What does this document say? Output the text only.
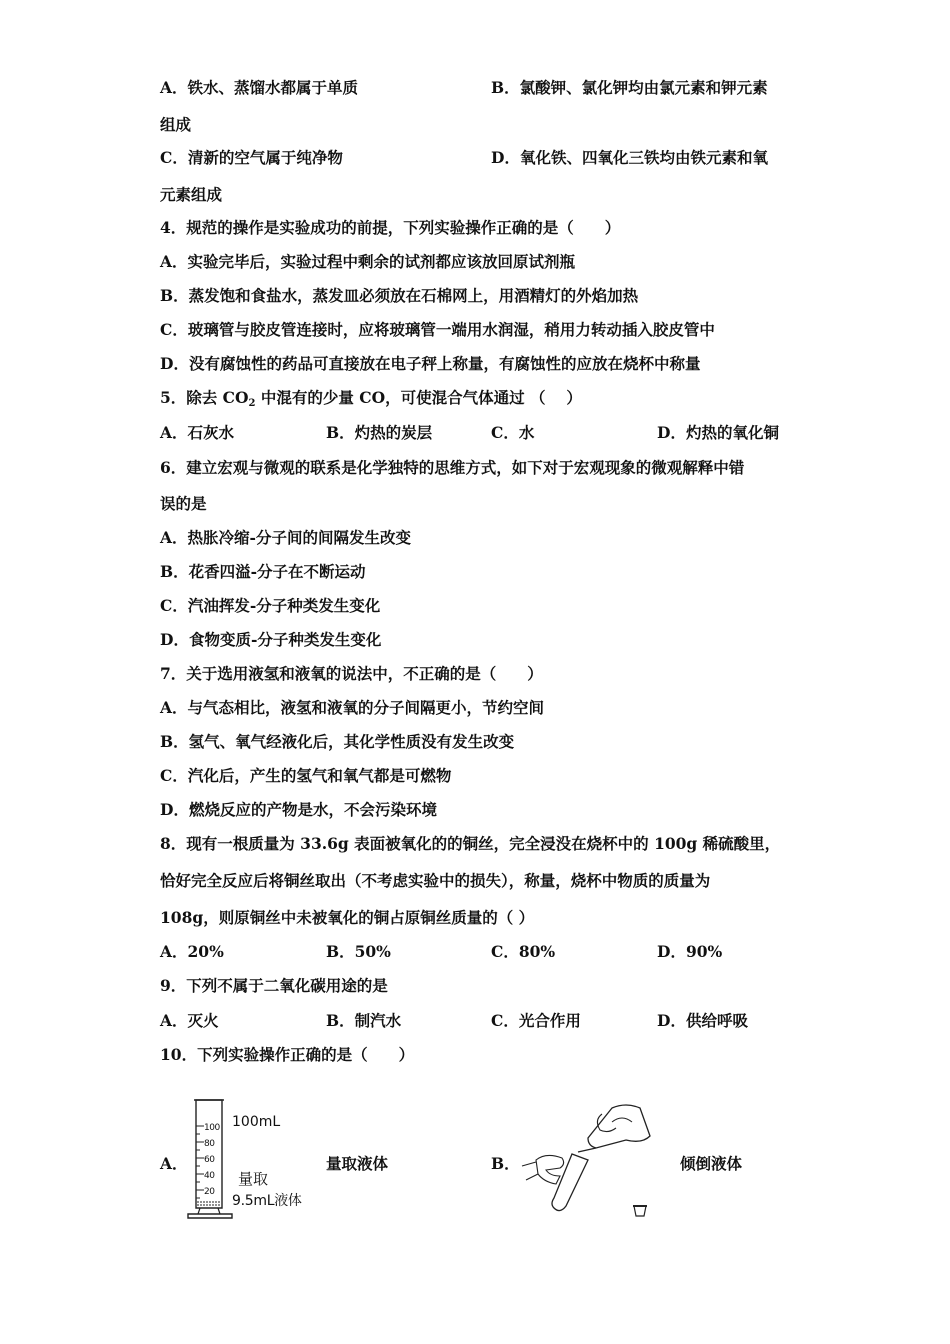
A．铁水、蒸馏水都属于单质	B．氯酸钾、氯化钾均由氯元素和钾元素
组成
C．清新的空气属于纯净物	D．氧化铁、四氧化三铁均由铁元素和氧
元素组成
4．规范的操作是实验成功的前提，下列实验操作正确的是（　　）
A．实验完毕后，实验过程中剩余的试剂都应该放回原试剂瓶
B．蒸发饱和食盐水，蒸发皿必须放在石棉网上，用酒精灯的外焰加热
C．玻璃管与胶皮管连接时，应将玻璃管一端用水润湿，稍用力转动插入胶皮管中
D．没有腐蚀性的药品可直接放在电子秤上称量，有腐蚀性的应放在烧杯中称量
5．除去 $CO_2$ 中混有的少量 CO，可使混合气体通过 （　 ）
A．石灰水	B．灼热的炭层	C．水	D．灼热的氧化铜
6．建立宏观与微观的联系是化学独特的思维方式，如下对于宏观现象的微观解释中错
误的是
A．热胀冷缩-分子间的间隔发生改变
B．花香四溢-分子在不断运动
C．汽油挥发-分子种类发生变化
D．食物变质-分子种类发生变化
7．关于选用液氢和液氧的说法中，不正确的是（　　）
A．与气态相比，液氢和液氧的分子间隔更小，节约空间
B．氢气、氧气经液化后，其化学性质没有发生改变
C．汽化后，产生的氢气和氧气都是可燃物
D．燃烧反应的产物是水，不会污染环境
8．现有一根质量为 33.6g 表面被氧化的的铜丝，完全浸没在烧杯中的 100g 稀硫酸里，
恰好完全反应后将铜丝取出（不考虑实验中的损失），称量，烧杯中物质的质量为
108g，则原铜丝中未被氧化的铜占原铜丝质量的（ ）
A．20%	B．50%	C．80%	D．90%
9．下列不属于二氧化碳用途的是
A．灭火	B．制汽水	C．光合作用	D．供给呼吸
10．下列实验操作正确的是（　　）
A．
100
80
60
40
20
100mL
量取
9.5mL液体
量取液体	B．	倾倒液体
